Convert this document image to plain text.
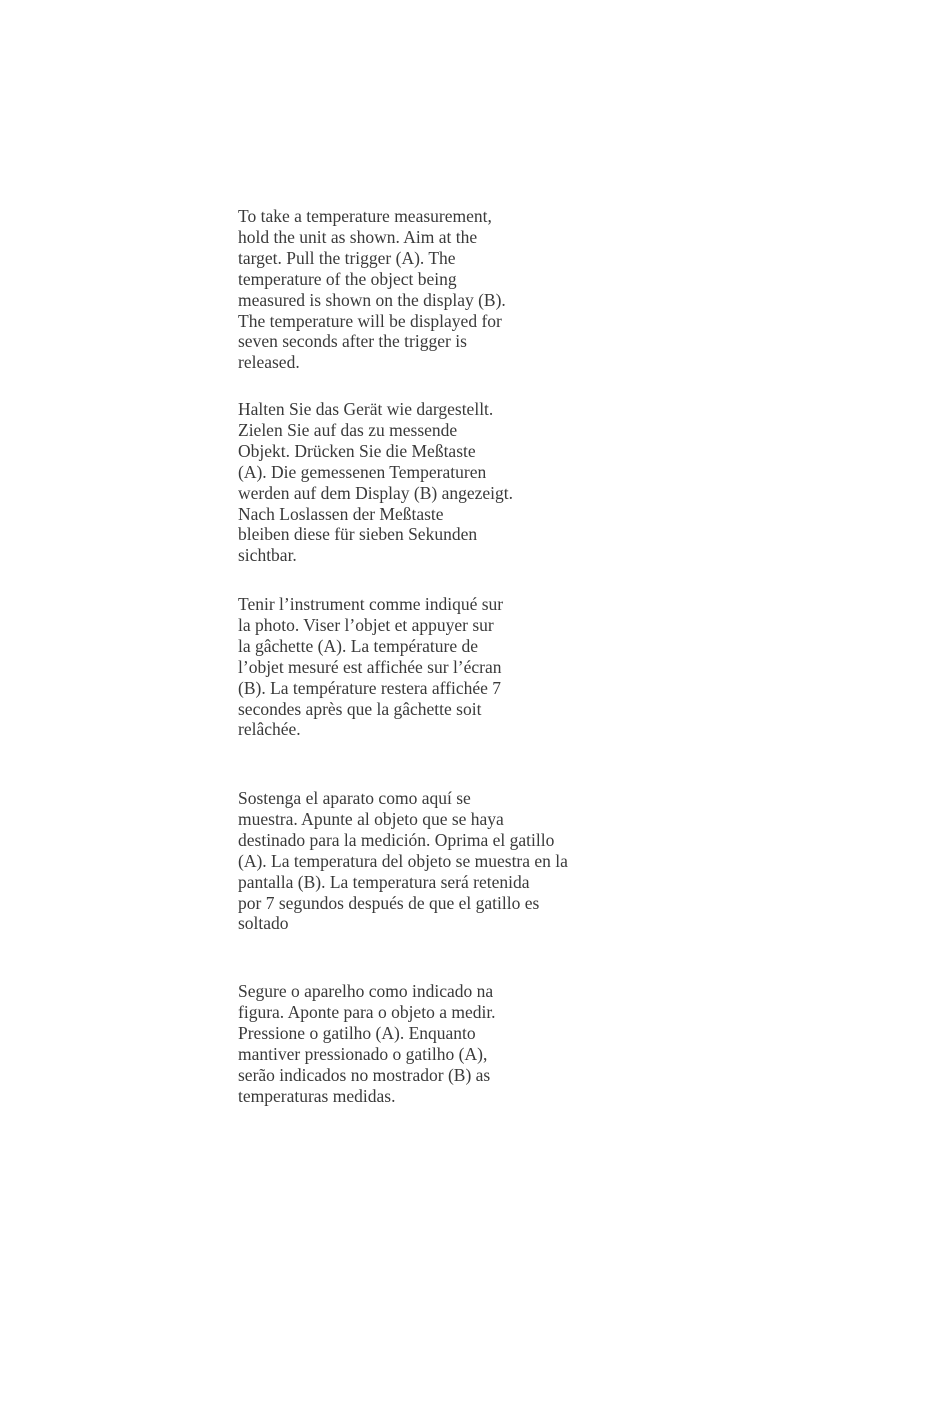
To take a temperature measurement,
hold the unit as shown. Aim at the
target. Pull the trigger (A). The
temperature of the object being
measured is shown on the display (B).
The temperature will be displayed for
seven seconds after the trigger is
released.

Halten Sie das Gerät wie dargestellt.
Zielen Sie auf das zu messende
Objekt. Drücken Sie die Meßtaste
(A). Die gemessenen Temperaturen
werden auf dem Display (B) angezeigt.
Nach Loslassen der Meßtaste
bleiben diese für sieben Sekunden
sichtbar.

Tenir l’instrument comme indiqué sur
la photo. Viser l’objet et appuyer sur
la gâchette (A). La température de
l’objet mesuré est affichée sur l’écran
(B). La température restera affichée 7
secondes après que la gâchette soit
relâchée.

Sostenga el aparato como aquí se
muestra. Apunte al objeto que se haya
destinado para la medición. Oprima el gatillo
(A). La temperatura del objeto se muestra en la
pantalla (B). La temperatura será retenida
por 7 segundos después de que el gatillo es
soltado

Segure o aparelho como indicado na
figura. Aponte para o objeto a medir.
Pressione o gatilho (A). Enquanto
mantiver pressionado o gatilho (A),
serão indicados no mostrador (B) as
temperaturas medidas.
